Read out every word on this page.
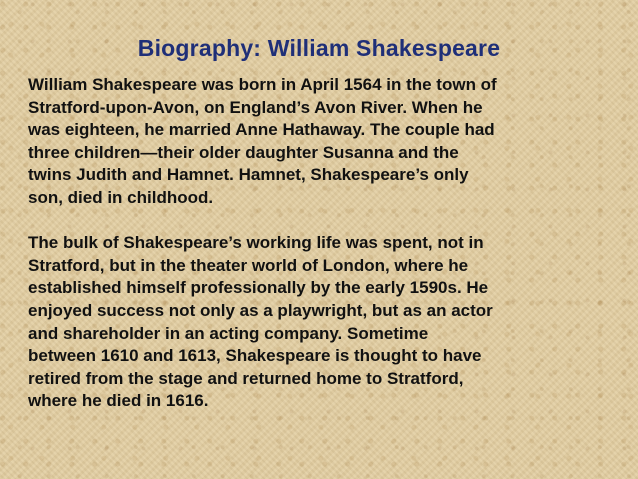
Biography: William Shakespeare
William Shakespeare was born in April 1564 in the town of
Stratford-upon-Avon, on England’s Avon River. When he
was eighteen, he married Anne Hathaway. The couple had
three children—their older daughter Susanna and the
twins Judith and Hamnet. Hamnet, Shakespeare’s only
son, died in childhood.
The bulk of Shakespeare’s working life was spent, not in
Stratford, but in the theater world of London, where he
established himself professionally by the early 1590s. He
enjoyed success not only as a playwright, but as an actor
and shareholder in an acting company. Sometime
between 1610 and 1613, Shakespeare is thought to have
retired from the stage and returned home to Stratford,
where he died in 1616.
